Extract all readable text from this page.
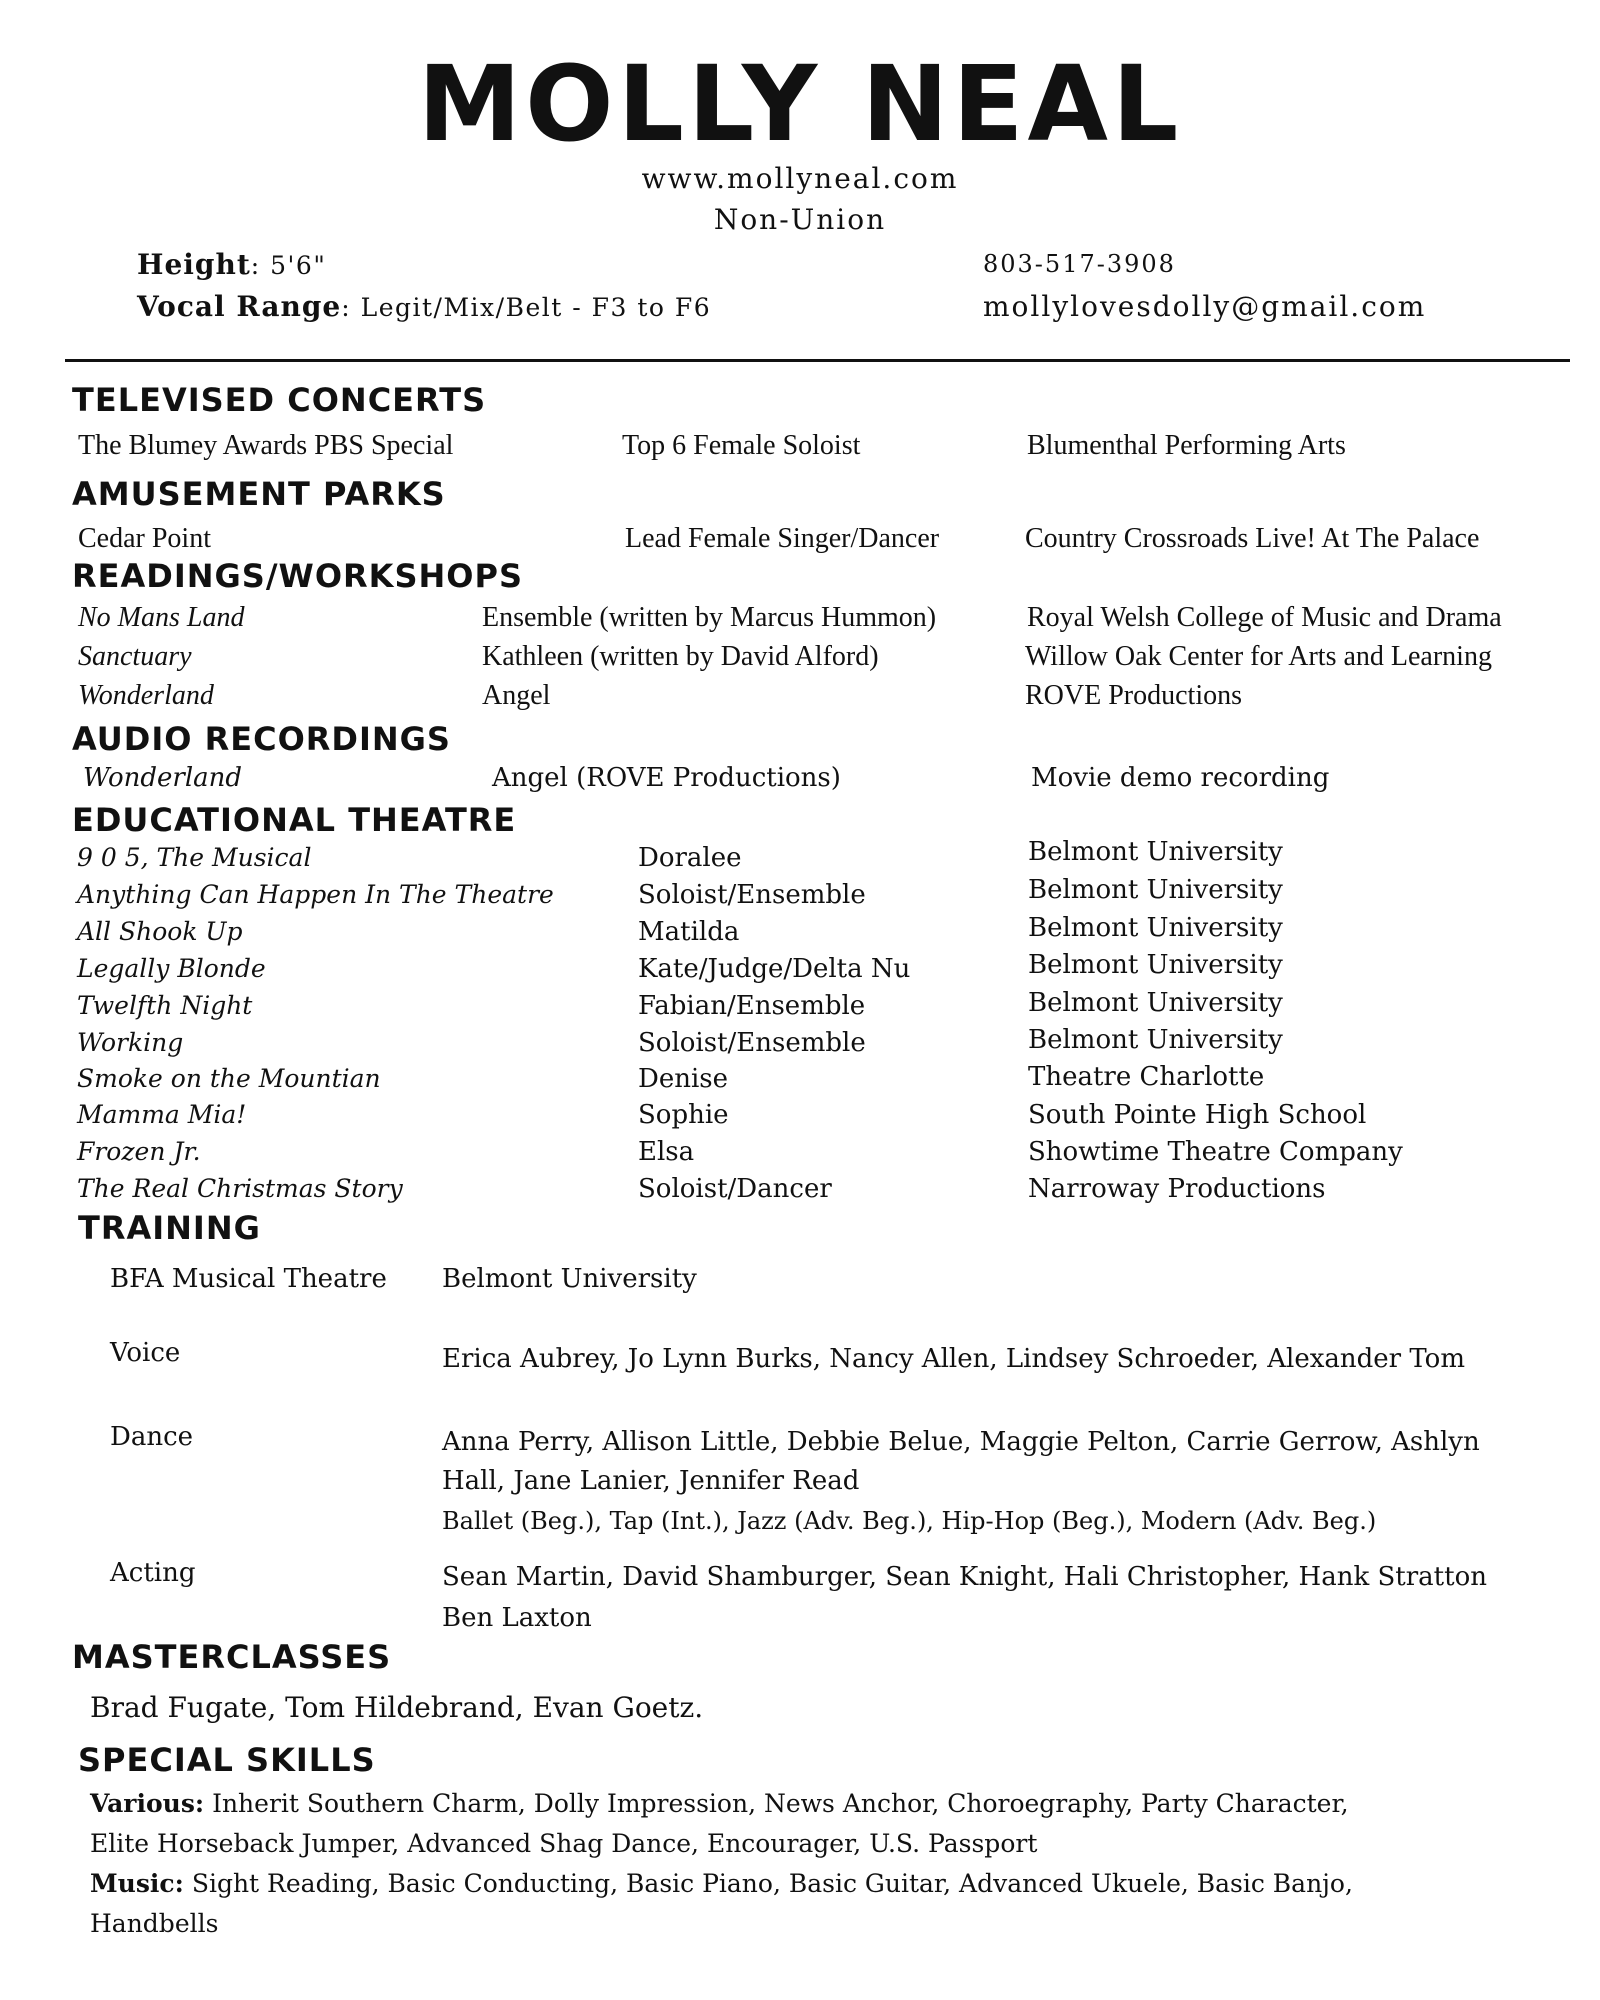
MOLLY NEAL
www.mollyneal.com
Non-Union
Height: 5'6"
Vocal Range: Legit/Mix/Belt - F3 to F6
803-517-3908
mollylovesdolly@gmail.com
TELEVISED CONCERTS
The Blumey Awards PBS Special	Top 6 Female Soloist	Blumenthal Performing Arts
AMUSEMENT PARKS
Cedar Point	Lead Female Singer/Dancer	Country Crossroads Live! At The Palace
READINGS/WORKSHOPS
No Mans Land	Ensemble (written by Marcus Hummon)	Royal Welsh College of Music and Drama
Sanctuary	Kathleen (written by David Alford)	Willow Oak Center for Arts and Learning
Wonderland	Angel	ROVE Productions
AUDIO RECORDINGS
Wonderland	Angel (ROVE Productions)	Movie demo recording
EDUCATIONAL THEATRE
9 0 5, The Musical	Doralee	Belmont University
Anything Can Happen In The Theatre	Soloist/Ensemble	Belmont University
All Shook Up	Matilda	Belmont University
Legally Blonde	Kate/Judge/Delta Nu	Belmont University
Twelfth Night	Fabian/Ensemble	Belmont University
Working	Soloist/Ensemble	Belmont University
Smoke on the Mountian	Denise	Theatre Charlotte
Mamma Mia!	Sophie	South Pointe High School
Frozen Jr.	Elsa	Showtime Theatre Company
The Real Christmas Story	Soloist/Dancer	Narroway Productions
TRAINING
BFA Musical Theatre Belmont University
Voice	Erica Aubrey, Jo Lynn Burks, Nancy Allen, Lindsey Schroeder, Alexander Tom
Dance	Anna Perry, Allison Little, Debbie Belue, Maggie Pelton, Carrie Gerrow, Ashlyn
Hall, Jane Lanier, Jennifer Read
Ballet (Beg.), Tap (Int.), Jazz (Adv. Beg.), Hip-Hop (Beg.), Modern (Adv. Beg.)
Acting	Sean Martin, David Shamburger, Sean Knight, Hali Christopher, Hank Stratton
Ben Laxton
MASTERCLASSES
Brad Fugate, Tom Hildebrand, Evan Goetz.
SPECIAL SKILLS
Various: Inherit Southern Charm, Dolly Impression, News Anchor, Choroegraphy, Party Character,
Elite Horseback Jumper, Advanced Shag Dance, Encourager, U.S. Passport
Music: Sight Reading, Basic Conducting, Basic Piano, Basic Guitar, Advanced Ukuele, Basic Banjo,
Handbells
